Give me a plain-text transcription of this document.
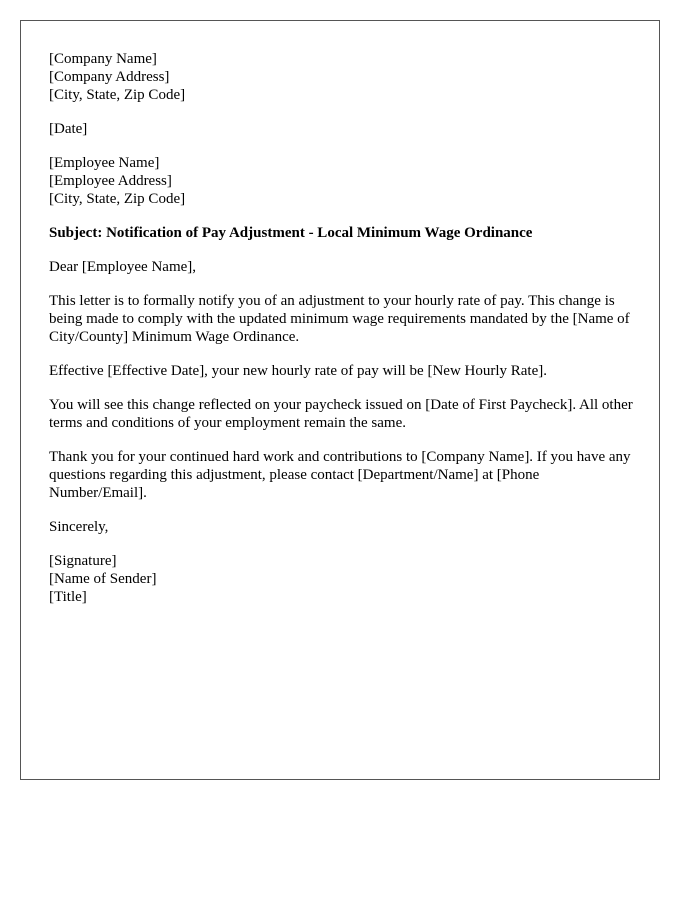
[Company Name]
[Company Address]
[City, State, Zip Code]
[Date]
[Employee Name]
[Employee Address]
[City, State, Zip Code]
Subject: Notification of Pay Adjustment - Local Minimum Wage Ordinance
Dear [Employee Name],

This letter is to formally notify you of an adjustment to your hourly rate of pay. This change is being made to comply with the updated minimum wage requirements mandated by the [Name of City/County] Minimum Wage Ordinance.

Effective [Effective Date], your new hourly rate of pay will be [New Hourly Rate].

You will see this change reflected on your paycheck issued on [Date of First Paycheck]. All other terms and conditions of your employment remain the same.

Thank you for your continued hard work and contributions to [Company Name]. If you have any questions regarding this adjustment, please contact [Department/Name] at [Phone Number/Email].

Sincerely,
[Signature]
[Name of Sender]
[Title]
